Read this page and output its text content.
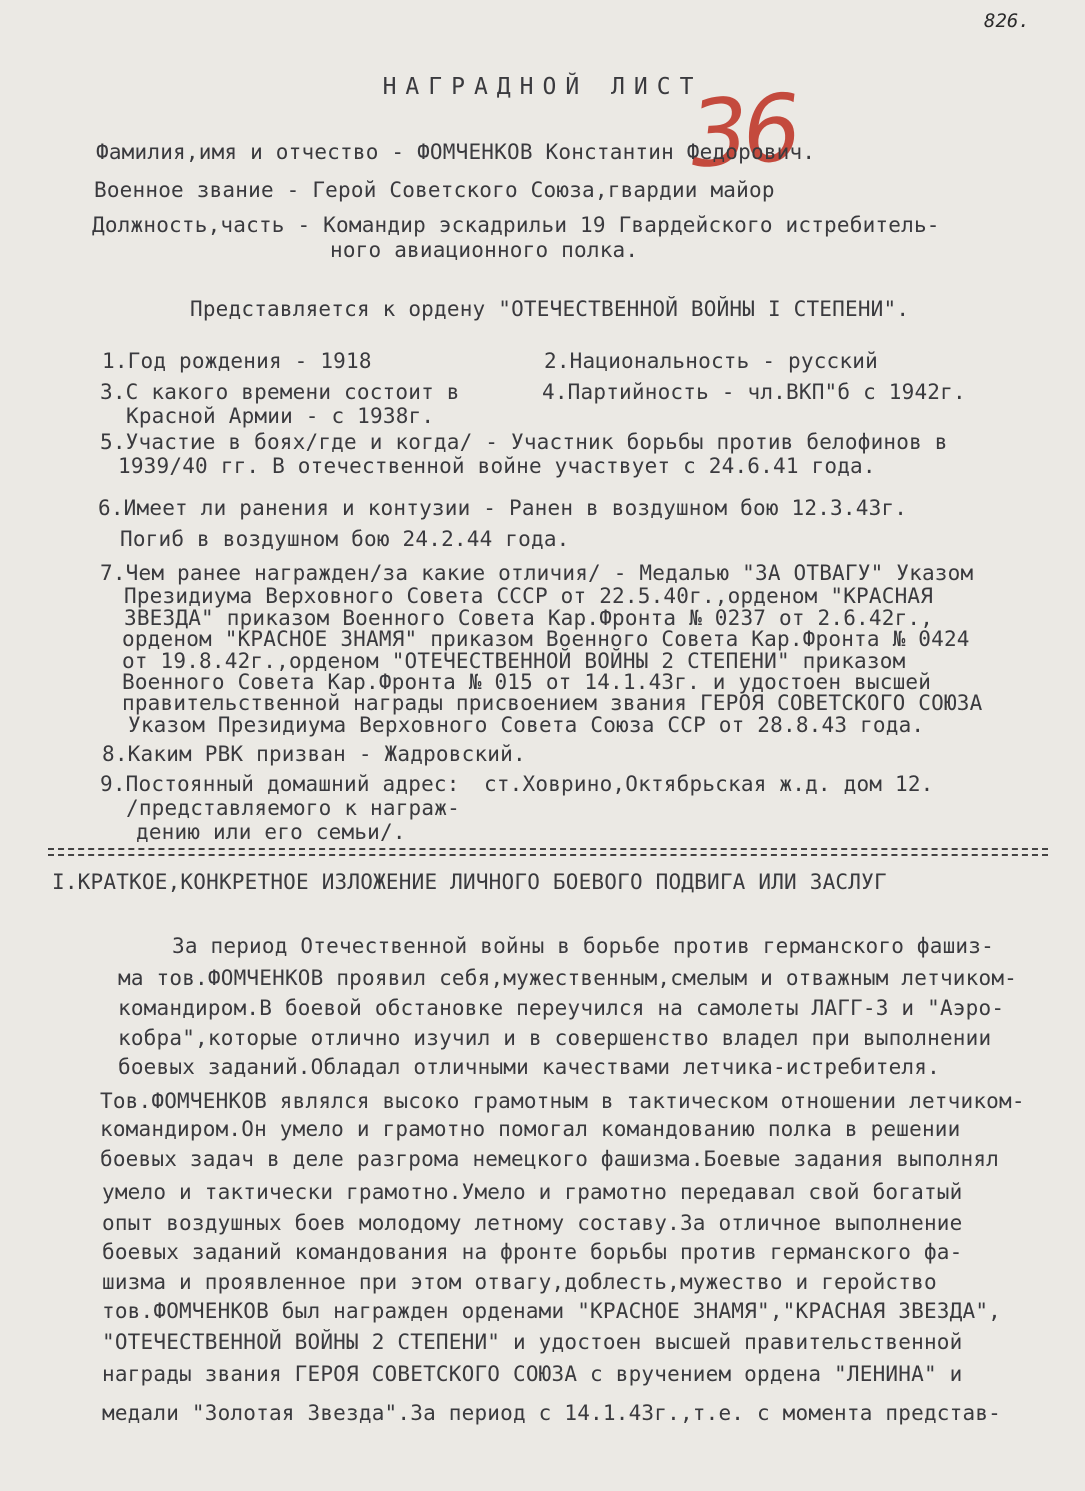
826.
36
НАГРАДНОЙ ЛИСТ
Фамилия,имя и отчество - ФОМЧЕНКОВ Константин Федорович.
Военное звание - Герой Советского Союза,гвардии майор
Должность,часть - Командир эскадрильи 19 Гвардейского истребитель-
ного авиационного полка.
Представляется к ордену "ОТЕЧЕСТВЕННОЙ ВОЙНЫ I СТЕПЕНИ".
1.Год рождения - 1918	2.Национальность - русский
3.С какого времени состоит в
Красной Армии - с 1938г.
4.Партийность - чл.ВКП"б с 1942г.
5.Участие в боях/где и когда/ - Участник борьбы против белофинов в
1939/40 гг. В отечественной войне участвует с 24.6.41 года.
6.Имеет ли ранения и контузии - Ранен в воздушном бою 12.3.43г.
Погиб в воздушном бою 24.2.44 года.
7.Чем ранее награжден/за какие отличия/ - Медалью "ЗА ОТВАГУ" Указом
Президиума Верховного Совета СССР от 22.5.40г.,орденом "КРАСНАЯ
ЗВЕЗДА" приказом Военного Совета Кар.Фронта № 0237 от 2.6.42г.,
орденом "КРАСНОЕ ЗНАМЯ" приказом Военного Совета Кар.Фронта № 0424
от 19.8.42г.,орденом "ОТЕЧЕСТВЕННОЙ ВОЙНЫ 2 СТЕПЕНИ" приказом
Военного Совета Кар.Фронта № 015 от 14.1.43г. и удостоен высшей
правительственной награды присвоением звания ГЕРОЯ СОВЕТСКОГО СОЮЗА
Указом Президиума Верховного Совета Союза ССР от 28.8.43 года.
8.Каким РВК призван - Жадровский.
9.Постоянный домашний адрес:
/представляемого к награж-
дению или его семьи/.
ст.Ховрино,Октябрьская ж.д. дом 12.
I.КРАТКОЕ,КОНКРЕТНОЕ ИЗЛОЖЕНИЕ ЛИЧНОГО БОЕВОГО ПОДВИГА ИЛИ ЗАСЛУГ
За период Отечественной войны в борьбе против германского фашиз-
ма тов.ФОМЧЕНКОВ проявил себя,мужественным,смелым и отважным летчиком-
командиром.В боевой обстановке переучился на самолеты ЛАГГ-3 и "Аэро-
кобра",которые отлично изучил и в совершенство владел при выполнении
боевых заданий.Обладал отличными качествами летчика-истребителя.
Тов.ФОМЧЕНКОВ являлся высоко грамотным в тактическом отношении летчиком-
командиром.Он умело и грамотно помогал командованию полка в решении
боевых задач в деле разгрома немецкого фашизма.Боевые задания выполнял
умело и тактически грамотно.Умело и грамотно передавал свой богатый
опыт воздушных боев молодому летному составу.За отличное выполнение
боевых заданий командования на фронте борьбы против германского фа-
шизма и проявленное при этом отвагу,доблесть,мужество и геройство
тов.ФОМЧЕНКОВ был награжден орденами "КРАСНОЕ ЗНАМЯ","КРАСНАЯ ЗВЕЗДА",
"ОТЕЧЕСТВЕННОЙ ВОЙНЫ 2 СТЕПЕНИ" и удостоен высшей правительственной
награды звания ГЕРОЯ СОВЕТСКОГО СОЮЗА с вручением ордена "ЛЕНИНА" и
медали "Золотая Звезда".За период с 14.1.43г.,т.е. с момента представ-
